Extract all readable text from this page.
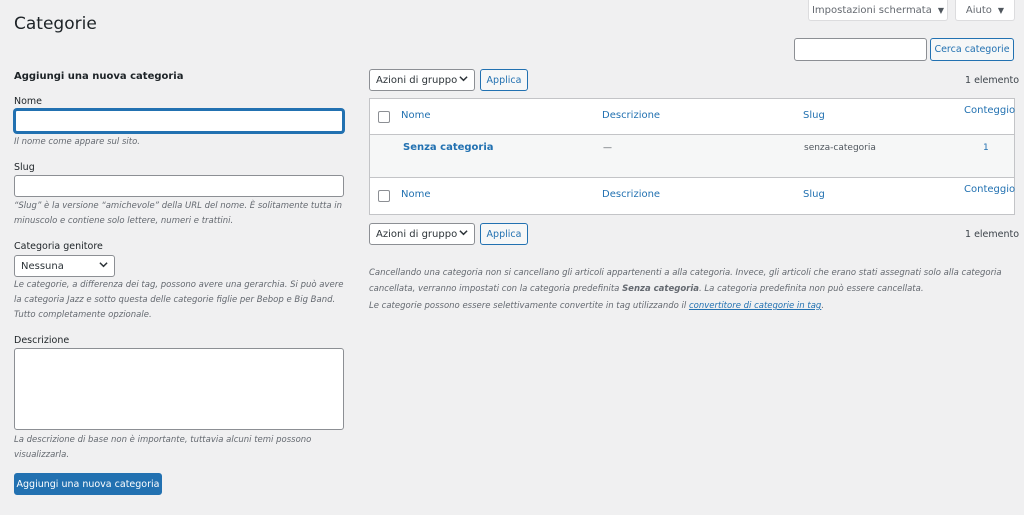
Impostazioni schermata ▼ Aiuto ▼
Categorie
Cerca categorie
Aggiungi una nuova categoria
Nome
Il nome come appare sul sito.
Slug
“Slug” è la versione “amichevole” della URL del nome. È solitamente tutta in
minuscolo e contiene solo lettere, numeri e trattini.
Categoria genitore
Nessuna
Le categorie, a differenza dei tag, possono avere una gerarchia. Si può avere
la categoria Jazz e sotto questa delle categorie figlie per Bebop e Big Band.
Tutto completamente opzionale.
Descrizione
La descrizione di base non è importante, tuttavia alcuni temi possono
visualizzarla.
Aggiungi una nuova categoria
Azioni di gruppo	Applica	1 elemento
Nome	Descrizione	Slug	Conteggio
Senza categoria	—	senza-categoria	1
Nome	Descrizione	Slug	Conteggio
Azioni di gruppo	Applica	1 elemento
Cancellando una categoria non si cancellano gli articoli appartenenti a alla categoria. Invece, gli articoli che erano stati assegnati solo alla categoria
cancellata, verranno impostati con la categoria predefinita Senza categoria. La categoria predefinita non può essere cancellata.
Le categorie possono essere selettivamente convertite in tag utilizzando il convertitore di categorie in tag.
